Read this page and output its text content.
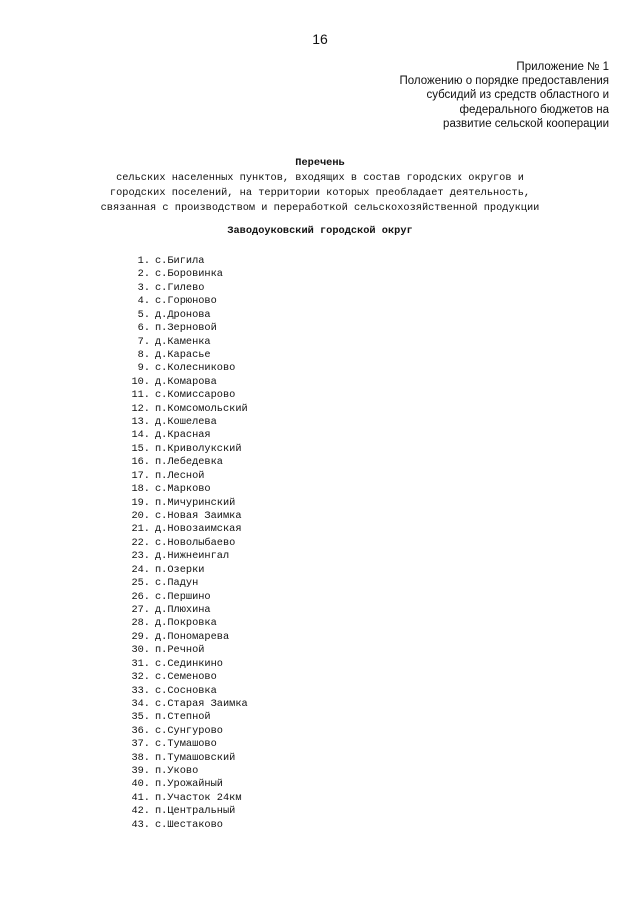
16
Приложение № 1
Положению о порядке предоставления
субсидий из средств областного и
федерального бюджетов на
развитие сельской кооперации
Перечень
сельских населенных пунктов, входящих в состав городских округов и
городских поселений, на территории которых преобладает деятельность,
связанная с производством и переработкой сельскохозяйственной продукции
Заводоуковский городской округ
1. с.Бигила
2. с.Боровинка
3. с.Гилево
4. с.Горюново
5. д.Дронова
6. п.Зерновой
7. д.Каменка
8. д.Карасье
9. с.Колесниково
10. д.Комарова
11. с.Комиссарово
12. п.Комсомольский
13. д.Кошелева
14. д.Красная
15. п.Криволукский
16. п.Лебедевка
17. п.Лесной
18. с.Марково
19. п.Мичуринский
20. с.Новая Заимка
21. д.Новозаимская
22. с.Новолыбаево
23. д.Нижнеингал
24. п.Озерки
25. с.Падун
26. с.Першино
27. д.Плюхина
28. д.Покровка
29. д.Пономарева
30. п.Речной
31. с.Сединкино
32. с.Семеново
33. с.Сосновка
34. с.Старая Заимка
35. п.Степной
36. с.Сунгурово
37. с.Тумашово
38. п.Тумашовский
39. п.Уково
40. п.Урожайный
41. п.Участок 24км
42. п.Центральный
43. с.Шестаково
